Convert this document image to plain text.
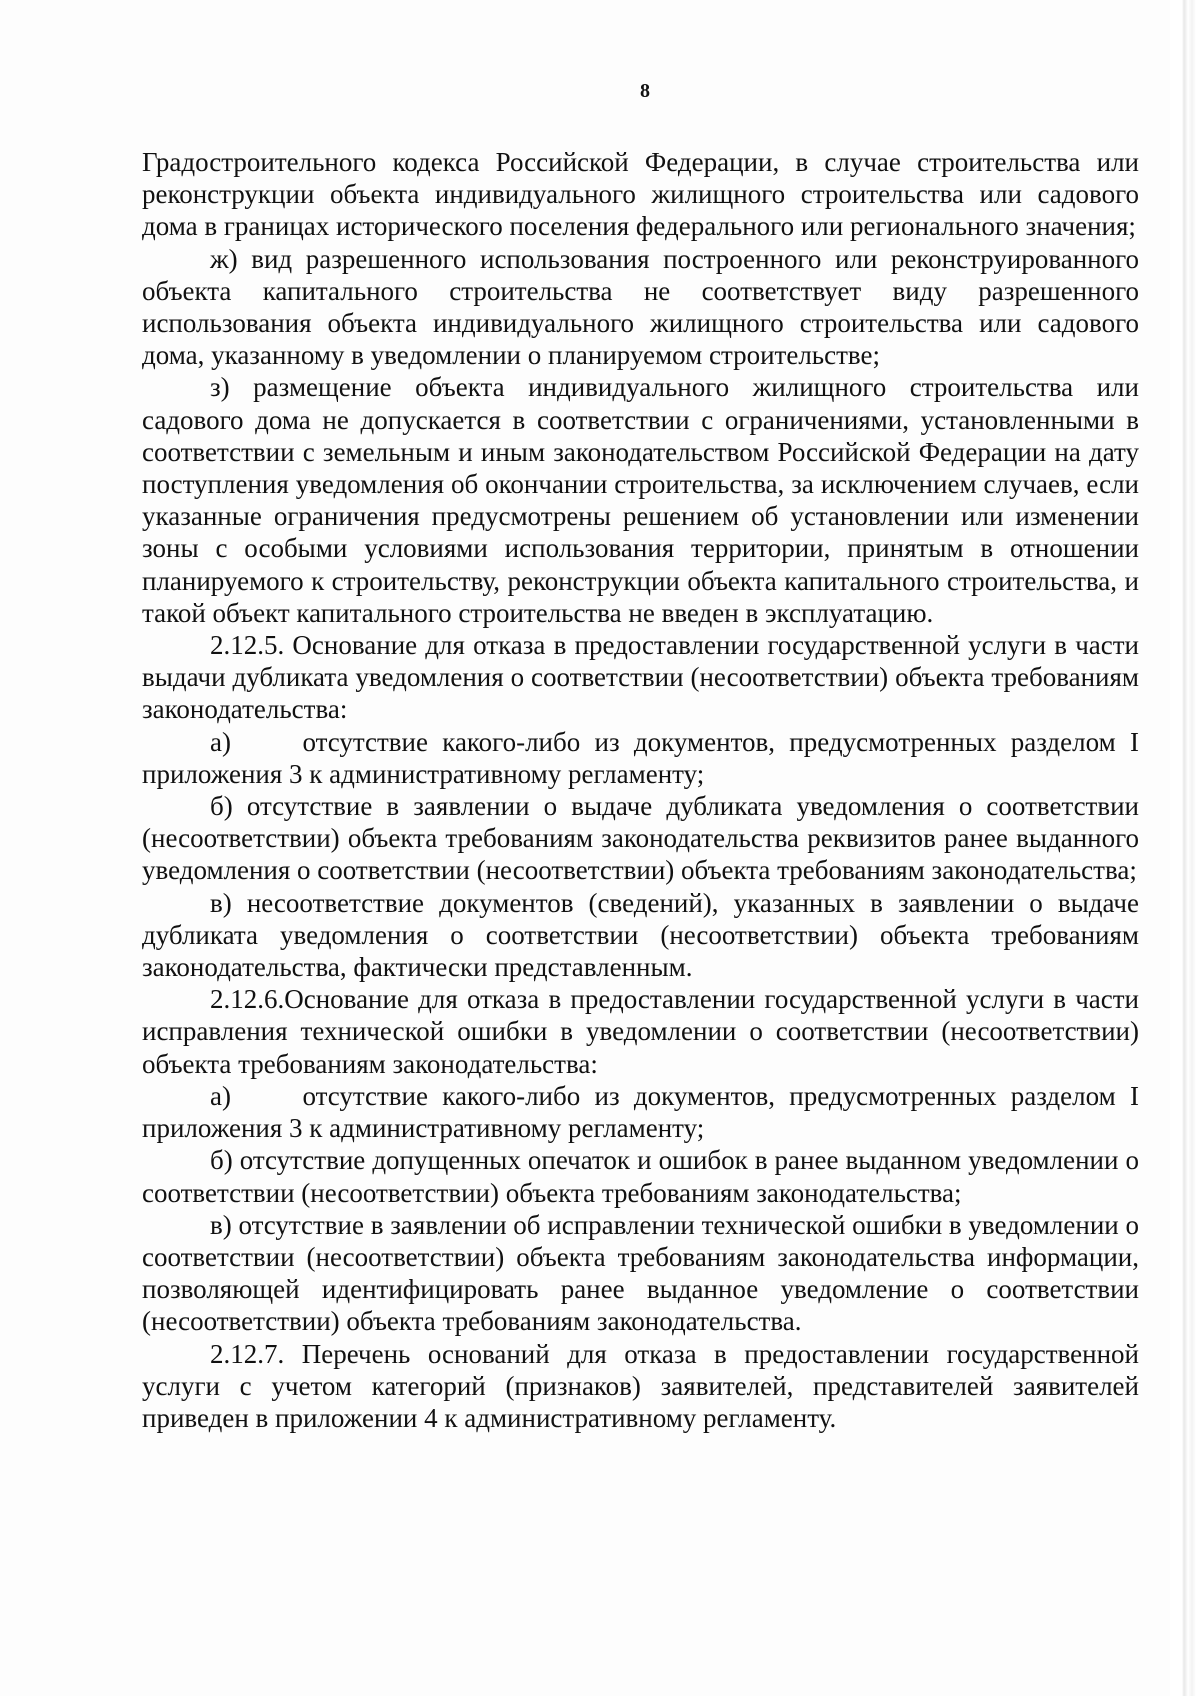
8

Градостроительного кодекса Российской Федерации, в случае строительства или реконструкции объекта индивидуального жилищного строительства или садового дома в границах исторического поселения федерального или регионального значения;

ж) вид разрешенного использования построенного или реконструированного объекта капитального строительства не соответствует виду разрешенного использования объекта индивидуального жилищного строительства или садового дома, указанному в уведомлении о планируемом строительстве;

з) размещение объекта индивидуального жилищного строительства или садового дома не допускается в соответствии с ограничениями, установленными в соответствии с земельным и иным законодательством Российской Федерации на дату поступления уведомления об окончании строительства, за исключением случаев, если указанные ограничения предусмотрены решением об установлении или изменении зоны с особыми условиями использования территории, принятым в отношении планируемого к строительству, реконструкции объекта капитального строительства, и такой объект капитального строительства не введен в эксплуатацию.

2.12.5. Основание для отказа в предоставлении государственной услуги в части выдачи дубликата уведомления о соответствии (несоответствии) объекта требованиям законодательства:

а)     отсутствие какого-либо из документов, предусмотренных разделом I приложения 3 к административному регламенту;

б) отсутствие в заявлении о выдаче дубликата уведомления о соответствии (несоответствии) объекта требованиям законодательства реквизитов ранее выданного уведомления о соответствии (несоответствии) объекта требованиям законодательства;

в) несоответствие документов (сведений), указанных в заявлении о выдаче дубликата уведомления о соответствии (несоответствии) объекта требованиям законодательства, фактически представленным.

2.12.6.Основание для отказа в предоставлении государственной услуги в части исправления технической ошибки в уведомлении о соответствии (несоответствии) объекта требованиям законодательства:

а)     отсутствие какого-либо из документов, предусмотренных разделом I приложения 3 к административному регламенту;

б) отсутствие допущенных опечаток и ошибок в ранее выданном уведомлении о соответствии (несоответствии) объекта требованиям законодательства;

в) отсутствие в заявлении об исправлении технической ошибки в уведомлении о соответствии (несоответствии) объекта требованиям законодательства информации, позволяющей идентифицировать ранее выданное уведомление о соответствии (несоответствии) объекта требованиям законодательства.

2.12.7. Перечень оснований для отказа в предоставлении государственной услуги с учетом категорий (признаков) заявителей, представителей заявителей приведен в приложении 4 к административному регламенту.
